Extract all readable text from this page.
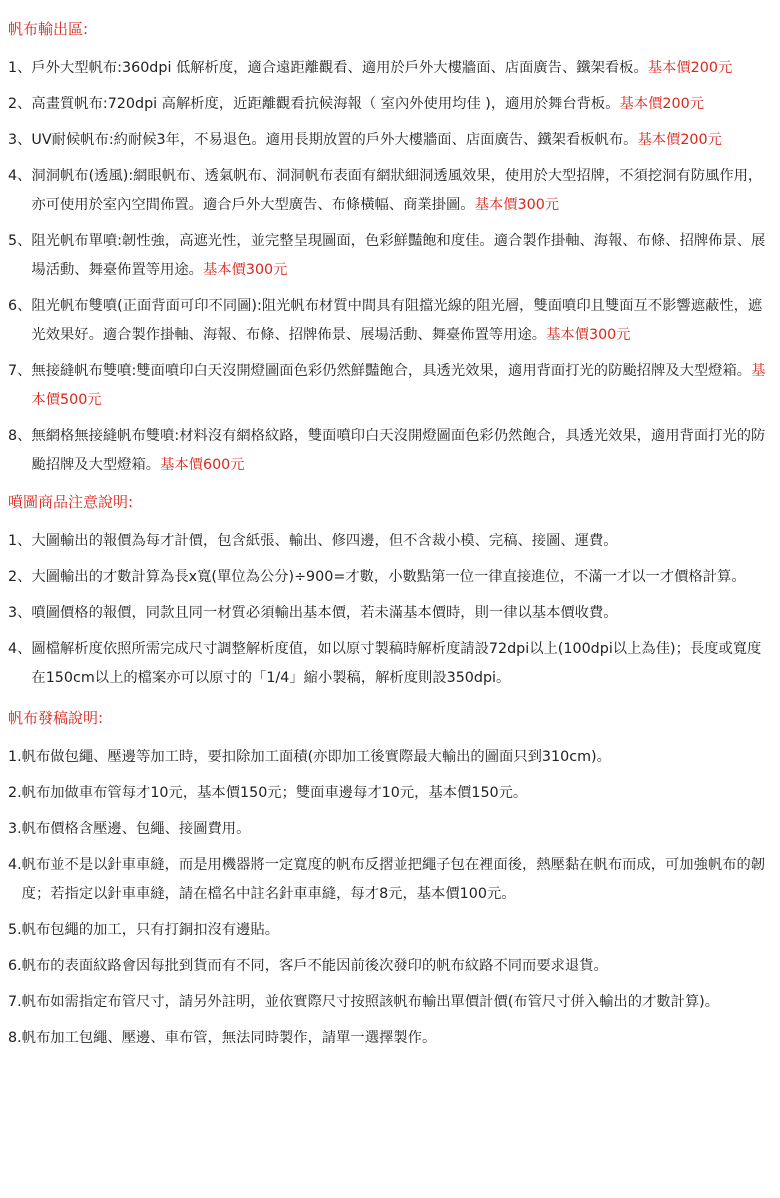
帆布輸出區:
1、 戶外大型帆布:360dpi 低解析度，適合遠距離觀看、適用於戶外大樓牆面、店面廣告、鐵架看板。基本價200元
2、 高畫質帆布:720dpi 高解析度，近距離觀看抗候海報（ 室內外使用均佳 )，適用於舞台背板。基本價200元
3、 UV耐候帆布:約耐候3年，不易退色。適用長期放置的戶外大樓牆面、店面廣告、鐵架看板帆布。基本價200元
4、 洞洞帆布(透風):網眼帆布、透氣帆布、洞洞帆布表面有網狀細洞透風效果，使用於大型招牌，不須挖洞有防風作用，亦可使用於室內空間佈置。適合戶外大型廣告、布條橫幅、商業掛圖。基本價300元
5、 阻光帆布單噴:韌性強，高遮光性，並完整呈現圖面，色彩鮮豔飽和度佳。適合製作掛軸、海報、布條、招牌佈景、展場活動、舞臺佈置等用途。基本價300元
6、 阻光帆布雙噴(正面背面可印不同圖):阻光帆布材質中間具有阻擋光線的阻光層，雙面噴印且雙面互不影響遮蔽性，遮光效果好。適合製作掛軸、海報、布條、招牌佈景、展場活動、舞臺佈置等用途。基本價300元
7、 無接縫帆布雙噴:雙面噴印白天沒開燈圖面色彩仍然鮮豔飽合，具透光效果，適用背面打光的防颱招牌及大型燈箱。基本價500元
8、 無網格無接縫帆布雙噴:材料沒有網格紋路，雙面噴印白天沒開燈圖面色彩仍然飽合，具透光效果，適用背面打光的防颱招牌及大型燈箱。基本價600元
噴圖商品注意說明:
1、 大圖輸出的報價為每才計價，包含紙張、輸出、修四邊，但不含裁小模、完稿、接圖、運費。
2、 大圖輸出的才數計算為長x寬(單位為公分)÷900=才數，小數點第一位一律直接進位，不滿一才以一才價格計算。
3、 噴圖價格的報價，同款且同一材質必須輸出基本價，若未滿基本價時，則一律以基本價收費。
4、 圖檔解析度依照所需完成尺寸調整解析度值，如以原寸製稿時解析度請設72dpi以上(100dpi以上為佳)；長度或寬度在150cm以上的檔案亦可以原寸的「1/4」縮小製稿，解析度則設350dpi。
帆布發稿說明:
1. 帆布做包繩、壓邊等加工時，要扣除加工面積(亦即加工後實際最大輸出的圖面只到310cm)。
2. 帆布加做車布管每才10元，基本價150元；雙面車邊每才10元，基本價150元。
3. 帆布價格含壓邊、包繩、接圖費用。
4. 帆布並不是以針車車縫，而是用機器將一定寬度的帆布反摺並把繩子包在裡面後，熱壓黏在帆布而成，可加強帆布的韌度；若指定以針車車縫，請在檔名中註名針車車縫，每才8元，基本價100元。
5. 帆布包繩的加工，只有打銅扣沒有邊貼。
6. 帆布的表面紋路會因每批到貨而有不同，客戶不能因前後次發印的帆布紋路不同而要求退貨。
7. 帆布如需指定布管尺寸，請另外註明，並依實際尺寸按照該帆布輸出單價計價(布管尺寸併入輸出的才數計算)。
8. 帆布加工包繩、壓邊、車布管，無法同時製作，請單一選擇製作。
